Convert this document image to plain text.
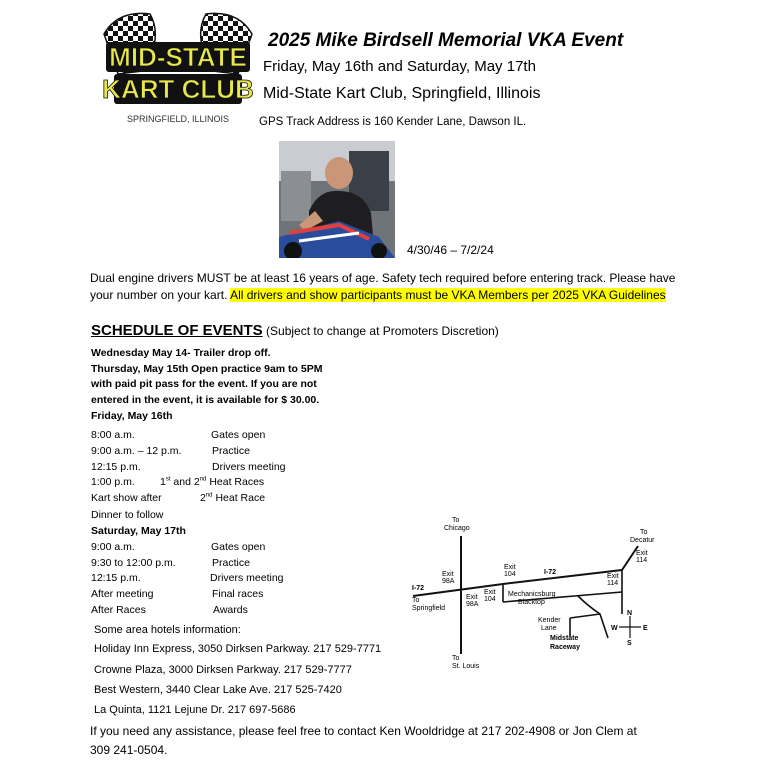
MID-STATE
KART CLUB
SPRINGFIELD, ILLINOIS
2025 Mike Birdsell Memorial VKA Event
Friday, May 16th and Saturday, May 17th
Mid-State Kart Club, Springfield, Illinois
GPS Track Address is 160 Kender Lane, Dawson IL.
4/30/46 – 7/2/24
Dual engine drivers MUST be at least 16 years of age. Safety tech required before entering track. Please have your number on your kart. All drivers and show participants must be VKA Members per 2025 VKA Guidelines
SCHEDULE OF EVENTS (Subject to change at Promoters Discretion)
Wednesday May 14- Trailer drop off.
Thursday, May 15th Open practice 9am to 5PM with paid pit pass for the event. If you are not entered in the event, it is available for $ 30.00.
Friday, May 16th
8:00 a.m.	Gates open
9:00 a.m. – 12 p.m.	Practice
12:15 p.m.	Drivers meeting
1:00 p.m. 1st and 2nd Heat Races
Kart show after	2nd Heat Race
Dinner to follow
Saturday, May 17th
9:00 a.m.	Gates open
9:30 to 12:00 p.m.	Practice
12:15 p.m.	Drivers meeting
After meeting	Final races
After Races	Awards
Some area hotels information:
Holiday Inn Express, 3050 Dirksen Parkway. 217 529-7771
Crowne Plaza, 3000 Dirksen Parkway. 217 529-7777
Best Western, 3440 Clear Lake Ave. 217 525-7420
La Quinta, 1121 Lejune Dr. 217 697-5686
If you need any assistance, please feel free to contact Ken Wooldridge at 217 202-4908 or Jon Clem at 309 241-0504.
N
S
E
W
To
Chicago
To
Decatur
I-72
I-72
To
Springfield
To
St. Louis
Exit
98A
Exit
98A
Exit
104
Exit
104
Exit
114
Exit
114
Mechanicsburg
Blacktop
Kender
Lane
Midstate
Raceway
